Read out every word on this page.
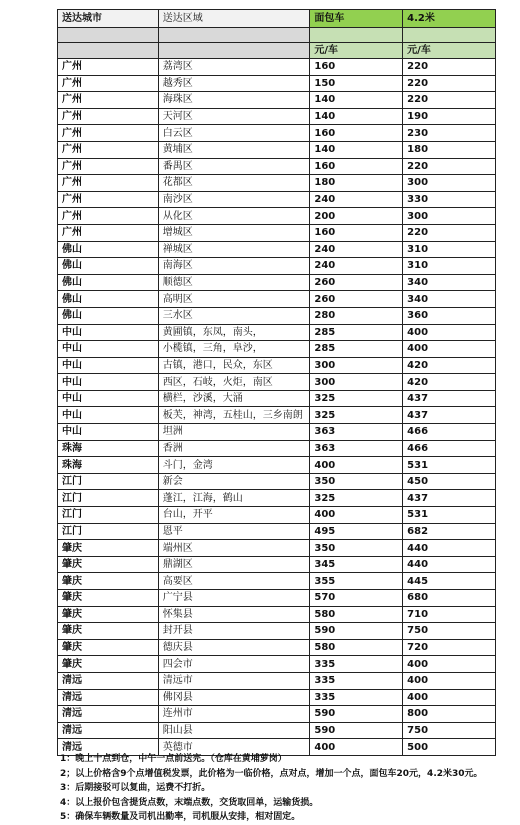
送达城市	送达区域	面包车	4.2米

		元/车	元/车
广州	荔湾区	160	220
广州	越秀区	150	220
广州	海珠区	140	220
广州	天河区	140	190
广州	白云区	160	230
广州	黄埔区	140	180
广州	番禺区	160	220
广州	花都区	180	300
广州	南沙区	240	330
广州	从化区	200	300
广州	增城区	160	220
佛山	禅城区	240	310
佛山	南海区	240	310
佛山	顺德区	260	340
佛山	高明区	260	340
佛山	三水区	280	360
中山	黄圃镇，东凤，南头，	285	400
中山	小榄镇，三角，阜沙，	285	400
中山	古镇，港口，民众，东区	300	420
中山	西区，石岐，火炬，南区	300	420
中山	横栏，沙溪，大涌	325	437
中山	板芙，神湾，五桂山，三乡南朗	325	437
中山	坦洲	363	466
珠海	香洲	363	466
珠海	斗门，金湾	400	531
江门	新会	350	450
江门	蓬江，江海，鹤山	325	437
江门	台山，开平	400	531
江门	恩平	495	682
肇庆	端州区	350	440
肇庆	鼎湖区	345	440
肇庆	高要区	355	445
肇庆	广宁县	570	680
肇庆	怀集县	580	710
肇庆	封开县	590	750
肇庆	德庆县	580	720
肇庆	四会市	335	400
清远	清远市	335	400
清远	佛冈县	335	400
清远	连州市	590	800
清远	阳山县	590	750
清远	英德市	400	500
1：晚上十点到仓，中午一点前送完。（仓库在黄埔萝岗）
2；以上价格含9个点增值税发票，此价格为一临价格，点对点，增加一个点，面包车20元，4.2米30元。
3：后期接驳可以复曲，运费不打折。
4：以上报价包含提货点数，末端点数，交货取回单，运输货损。
5：确保车辆数量及司机出勤率，司机服从安排，相对固定。
